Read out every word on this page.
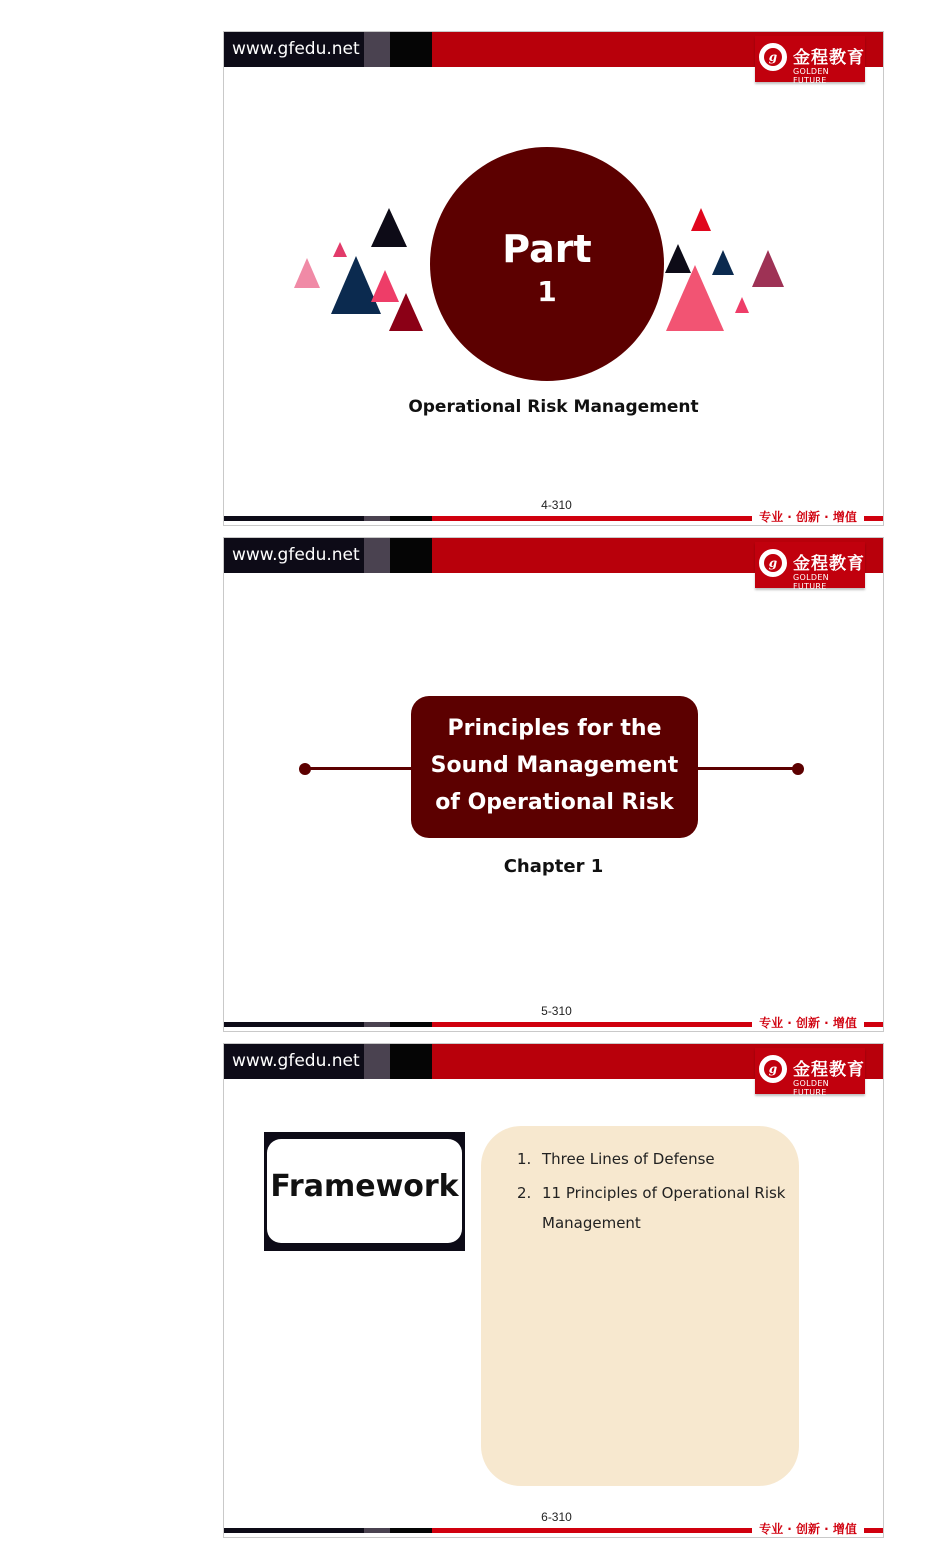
www.gfedu.net	g 金程教育
GOLDEN FUTURE
Part
1
Operational Risk Management
4-310
专业 · 创新 · 增值
www.gfedu.net	g 金程教育
GOLDEN FUTURE
Principles for the
Sound Management
of Operational Risk
Chapter 1
5-310
专业 · 创新 · 增值
www.gfedu.net	g 金程教育
GOLDEN FUTURE
Framework
1. Three Lines of Defense
2. 11 Principles of Operational Risk Management
6-310
专业 · 创新 · 增值
